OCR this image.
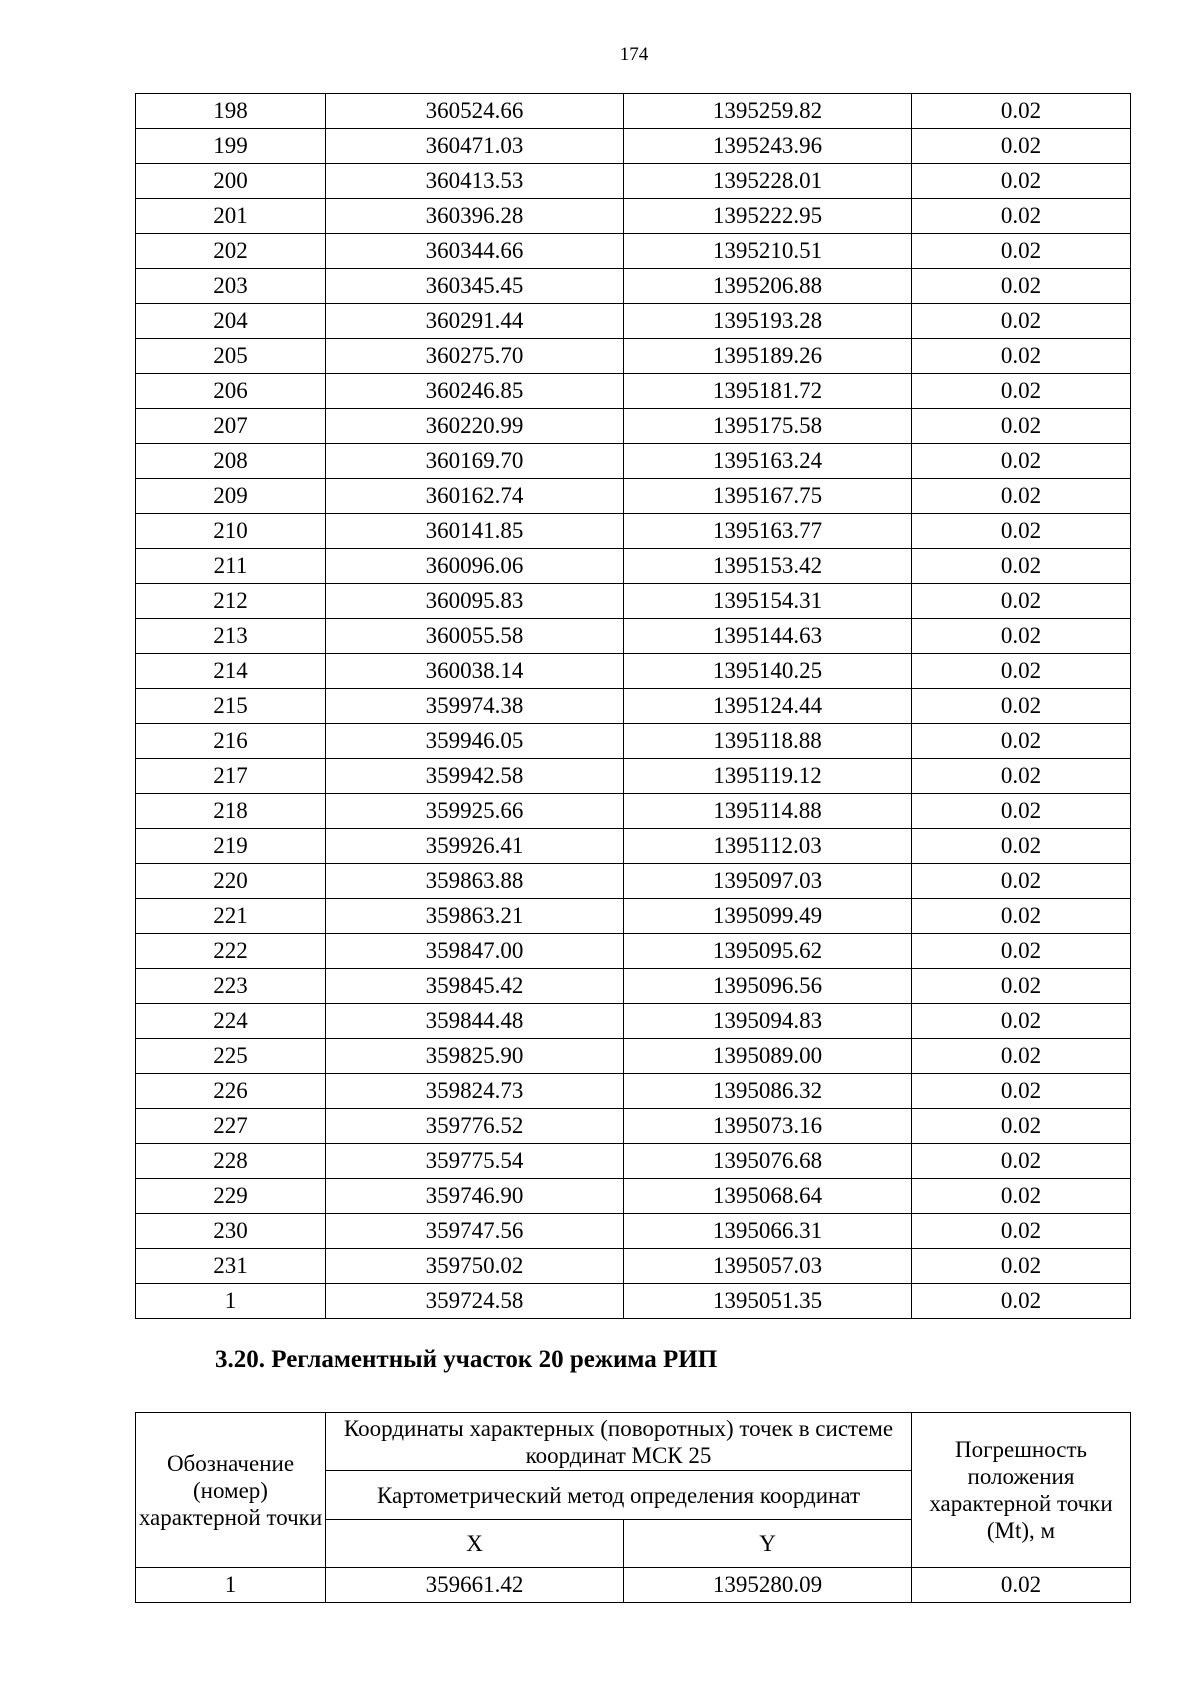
174
198	360524.66	1395259.82	0.02
199	360471.03	1395243.96	0.02
200	360413.53	1395228.01	0.02
201	360396.28	1395222.95	0.02
202	360344.66	1395210.51	0.02
203	360345.45	1395206.88	0.02
204	360291.44	1395193.28	0.02
205	360275.70	1395189.26	0.02
206	360246.85	1395181.72	0.02
207	360220.99	1395175.58	0.02
208	360169.70	1395163.24	0.02
209	360162.74	1395167.75	0.02
210	360141.85	1395163.77	0.02
211	360096.06	1395153.42	0.02
212	360095.83	1395154.31	0.02
213	360055.58	1395144.63	0.02
214	360038.14	1395140.25	0.02
215	359974.38	1395124.44	0.02
216	359946.05	1395118.88	0.02
217	359942.58	1395119.12	0.02
218	359925.66	1395114.88	0.02
219	359926.41	1395112.03	0.02
220	359863.88	1395097.03	0.02
221	359863.21	1395099.49	0.02
222	359847.00	1395095.62	0.02
223	359845.42	1395096.56	0.02
224	359844.48	1395094.83	0.02
225	359825.90	1395089.00	0.02
226	359824.73	1395086.32	0.02
227	359776.52	1395073.16	0.02
228	359775.54	1395076.68	0.02
229	359746.90	1395068.64	0.02
230	359747.56	1395066.31	0.02
231	359750.02	1395057.03	0.02
1	359724.58	1395051.35	0.02
3.20. Регламентный участок 20 режима РИП
Обозначение (номер) характерной точки	Координаты характерных (поворотных) точек в системе координат МСК 25		Погрешность положения характерной точки (Mt), м
	Картометрический метод определения координат		
	X	Y	
1	359661.42	1395280.09	0.02
